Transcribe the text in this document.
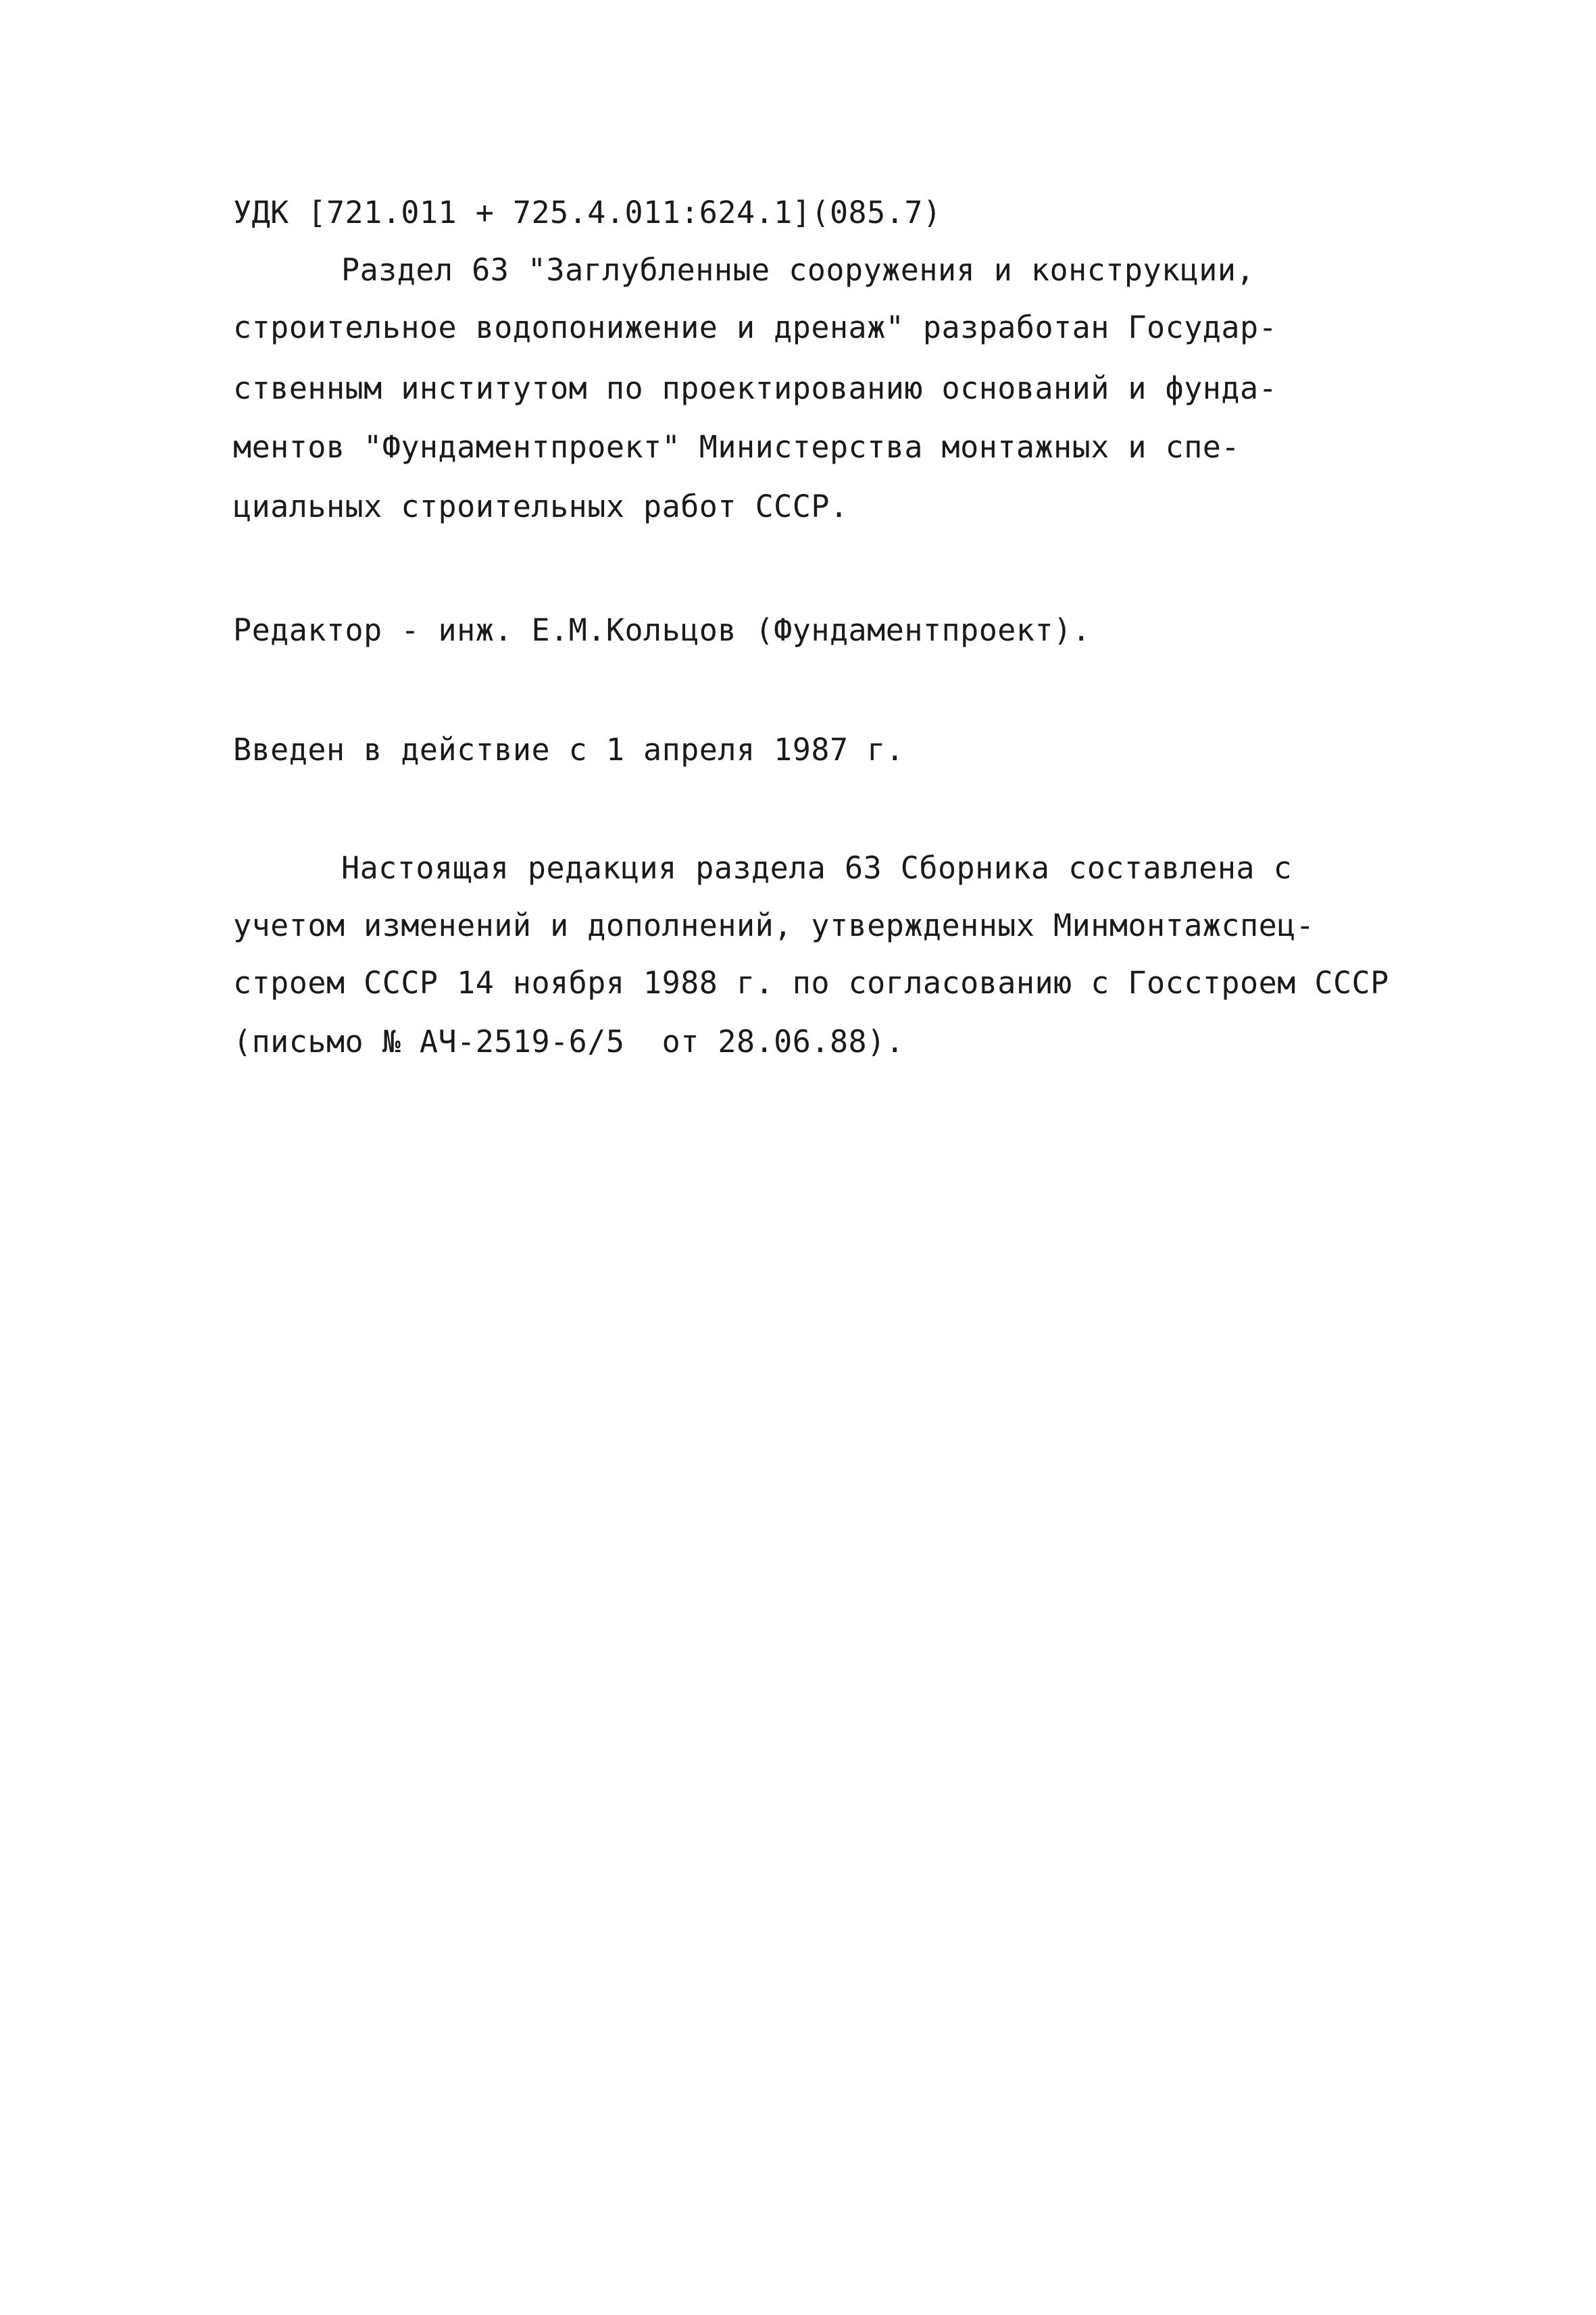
УДК [721.011 + 725.4.011:624.1](085.7)

Раздел 63 "Заглубленные сооружения и конструкции,

строительное водопонижение и дренаж" разработан Государ-

ственным институтом по проектированию оснований и фунда-

ментов "Фундаментпроект" Министерства монтажных и спе-

циальных строительных работ СССР.

Редактор - инж. Е.М.Кольцов (Фундаментпроект).

Введен в действие с 1 апреля 1987 г.

Настоящая редакция раздела 63 Сборника составлена с

учетом изменений и дополнений, утвержденных Минмонтажспец-

строем СССР 14 ноября 1988 г. по согласованию с Госстроем СССР

(письмо № АЧ-2519-6/5  от 28.06.88).
